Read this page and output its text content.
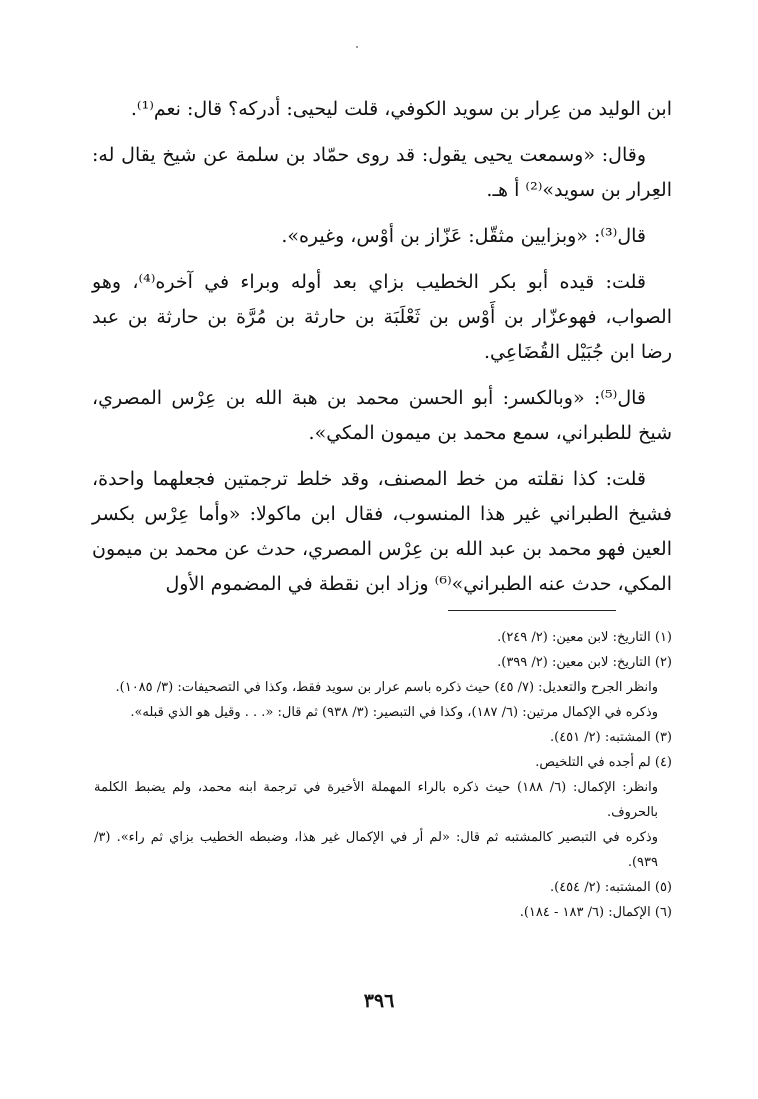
ابن الوليد من عِرار بن سويد الكوفي، قلت ليحيى: أدركه؟ قال: نعم⁽¹⁾.

وقال: «وسمعت يحيى يقول: قد روى حمّاد بن سلمة عن شيخ يقال له: العِرار بن سويد»⁽²⁾ أ هـ.

قال⁽³⁾: «وبزايين مثقّل: عَزّاز بن أوْس، وغيره».

قلت: قيده أبو بكر الخطيب بزاي بعد أوله وبراء في آخره⁽⁴⁾، وهو الصواب، فهوعزّار بن أَوْس بن ثَعْلَبَة بن حارثة بن مُرَّة بن حارثة بن عبد رضا ابن جُبَيْل القُضَاعِي.

قال⁽⁵⁾: «وبالكسر: أبو الحسن محمد بن هبة الله بن عِرْس المصري، شيخ للطبراني، سمع محمد بن ميمون المكي».

قلت: كذا نقلته من خط المصنف، وقد خلط ترجمتين فجعلهما واحدة، فشيخ الطبراني غير هذا المنسوب، فقال ابن ماكولا: «وأما عِرْس بكسر العين فهو محمد بن عبد الله بن عِرْس المصري، حدث عن محمد بن ميمون المكي، حدث عنه الطبراني»⁽⁶⁾ وزاد ابن نقطة في المضموم الأول

(١) التاريخ: لابن معين: (٢/ ٢٤٩).

(٢) التاريخ: لابن معين: (٢/ ٣٩٩).

وانظر الجرح والتعديل: (٧/ ٤٥) حيث ذكره باسم عرار بن سويد فقط، وكذا في التصحيفات: (٣/ ١٠٨٥).

وذكره في الإكمال مرتين: (٦/ ١٨٧)، وكذا في التبصير: (٣/ ٩٣٨) ثم قال: «. . . وقيل هو الذي قبله».

(٣) المشتبه: (٢/ ٤٥١).

(٤) لم أجده في التلخيص.

وانظر: الإكمال: (٦/ ١٨٨) حيث ذكره بالراء المهملة الأخيرة في ترجمة ابنه محمد، ولم يضبط الكلمة بالحروف.

وذكره في التبصير كالمشتبه ثم قال: «لم أر في الإكمال غير هذا، وضبطه الخطيب بزاي ثم راء». (٣/ ٩٣٩).

(٥) المشتبه: (٢/ ٤٥٤).

(٦) الإكمال: (٦/ ١٨٣ - ١٨٤).

٣٩٦
